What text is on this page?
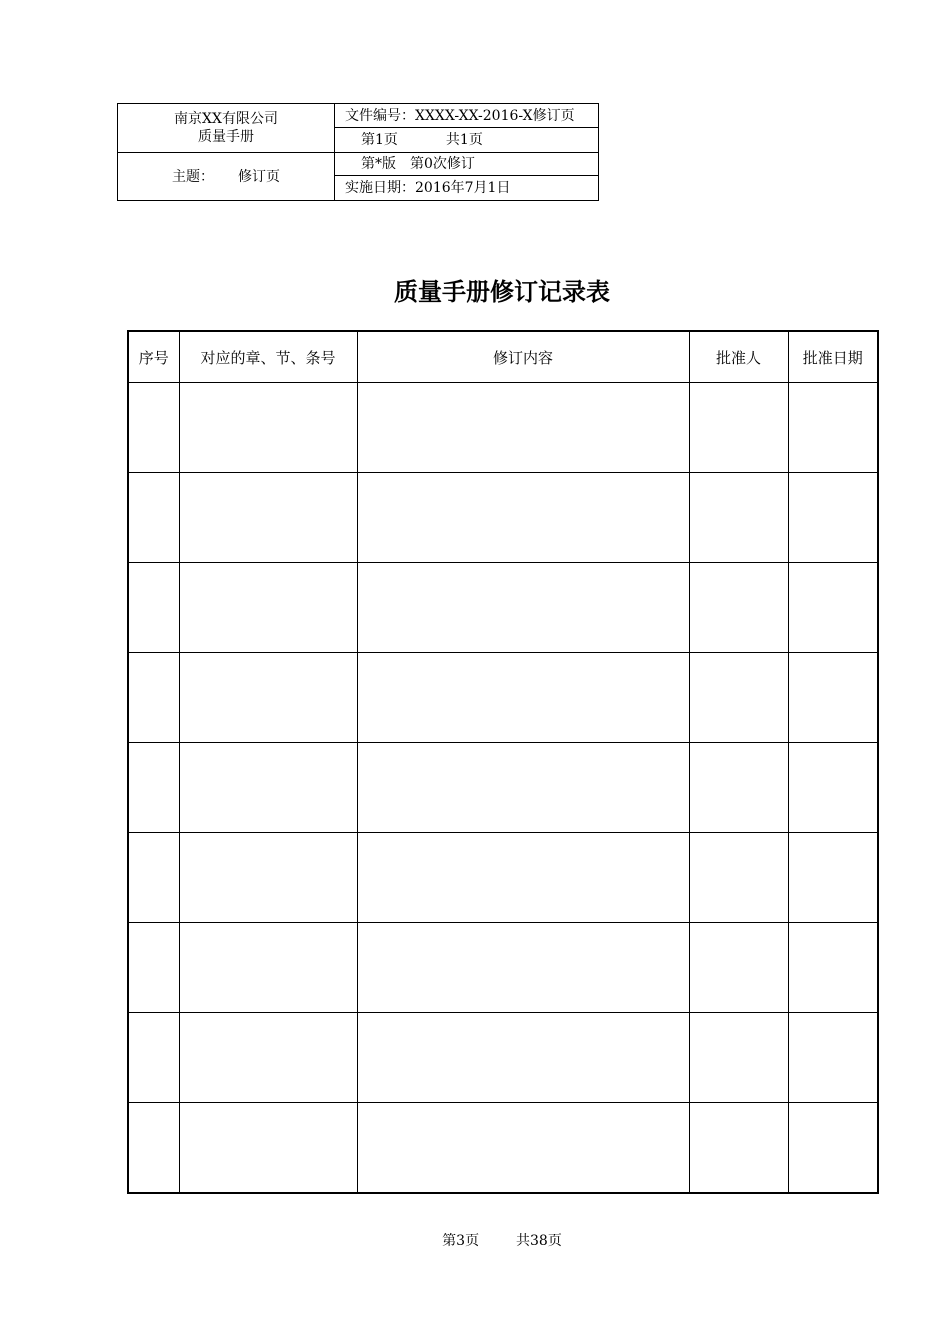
南京XX有限公司
质量手册
主题： 修订页
文件编号：XXXX-XX-2016-X修订页
第1页	共1页
第*版 第0次修订
实施日期：2016年7月1日
质量手册修订记录表
序号	对应的章、节、条号	修订内容	批准人	批准日期

第3页	共38页
